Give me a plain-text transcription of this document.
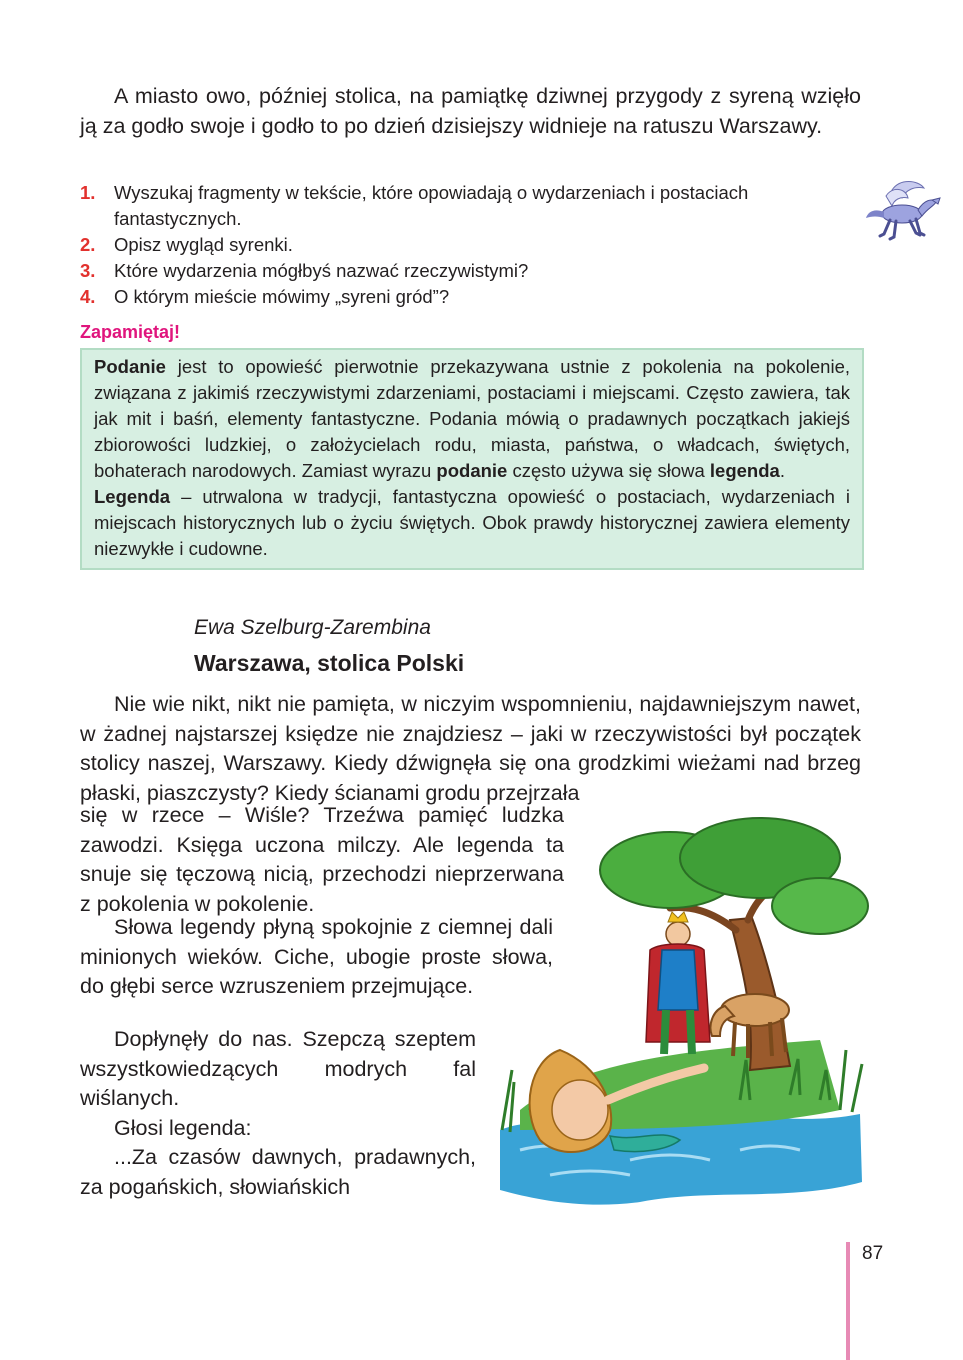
A miasto owo, później stolica, na pamiątkę dziwnej przygody z syreną wzięło ją za godło swoje i godło to po dzień dzisiejszy widnieje na ratuszu Warszawy.

1.	Wyszukaj fragmenty w tekście, które opowiadają o wydarzeniach i postaciach fantastycznych.
2.	Opisz wygląd syrenki.
3.	Które wydarzenia mógłbyś nazwać rzeczywistymi?
4.	O którym mieście mówimy „syreni gród”?
Zapamiętaj!

Podanie jest to opowieść pierwotnie przekazywana ustnie z pokolenia na pokolenie, związana z jakimiś rzeczywistymi zdarzeniami, postaciami i miejscami. Często zawiera, tak jak mit i baśń, elementy fantastyczne. Podania mówią o pradawnych początkach jakiejś zbiorowości ludzkiej, o założycielach rodu, miasta, państwa, o władcach, świętych, bohaterach narodowych. Zamiast wyrazu podanie często używa się słowa legenda.

Legenda – utrwalona w tradycji, fantastyczna opowieść o postaciach, wydarzeniach i miejscach historycznych lub o życiu świętych. Obok prawdy historycznej zawiera elementy niezwykłe i cudowne.

Ewa Szelburg-Zarembina
Warszawa, stolica Polski

Nie wie nikt, nikt nie pamięta, w niczyim wspomnieniu, najdawniejszym nawet, w żadnej najstarszej księdze nie znajdziesz – jaki w rzeczywistości był początek stolicy naszej, Warszawy. Kiedy dźwignęła się ona grodzkimi wieżami nad brzeg płaski, piaszczysty? Kiedy ścianami grodu przejrzała

się w rzece – Wiśle? Trzeźwa pamięć ludzka zawodzi. Księga uczona milczy. Ale legenda ta snuje się tęczową nicią, przechodzi nieprzerwana z pokolenia w pokolenie.

Słowa legendy płyną spokojnie z ciemnej dali minionych wieków. Ciche, ubogie proste słowa, do głębi serce wzruszeniem przejmujące.

Dopłynęły do nas. Szepczą szeptem wszystkowiedzących modrych fal wiślanych.

Głosi legenda:

...Za czasów dawnych, pradawnych, za pogańskich, słowiańskich

87
